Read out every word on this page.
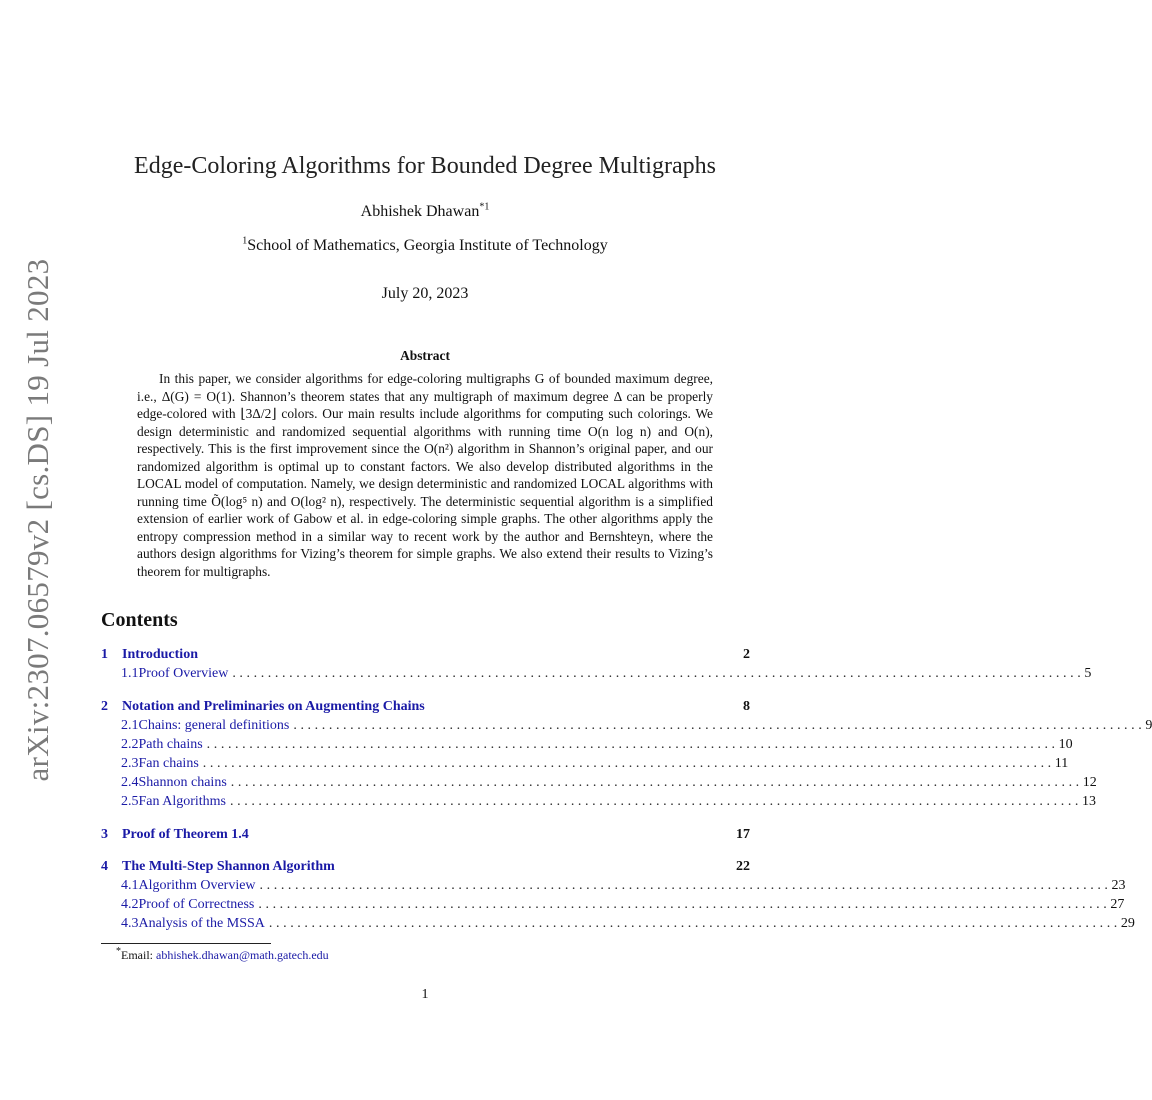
arXiv:2307.06579v2 [cs.DS] 19 Jul 2023
Edge-Coloring Algorithms for Bounded Degree Multigraphs
Abhishek Dhawan$^{*1}$
$^1$School of Mathematics, Georgia Institute of Technology
July 20, 2023
Abstract

In this paper, we consider algorithms for edge-coloring multigraphs G of bounded maximum degree, i.e., Δ(G) = O(1). Shannon’s theorem states that any multigraph of maximum degree Δ can be properly edge-colored with ⌊3Δ/2⌋ colors. Our main results include algorithms for computing such colorings. We design deterministic and randomized sequential algorithms with running time O(n log n) and O(n), respectively. This is the first improvement since the O(n²) algorithm in Shannon’s original paper, and our randomized algorithm is optimal up to constant factors. We also develop distributed algorithms in the LOCAL model of computation. Namely, we design deterministic and randomized LOCAL algorithms with running time Õ(log⁵ n) and O(log² n), respectively. The deterministic sequential algorithm is a simplified extension of earlier work of Gabow et al. in edge-coloring simple graphs. The other algorithms apply the entropy compression method in a similar way to recent work by the author and Bernshteyn, where the authors design algorithms for Vizing’s theorem for simple graphs. We also extend their results to Vizing’s theorem for multigraphs.

Contents
1	Introduction	2
1.1 Proof Overview ........................................................................................................................ 5
2	Notation and Preliminaries on Augmenting Chains	8
2.1 Chains: general definitions ........................................................................................................................ 9
2.2 Path chains ........................................................................................................................ 10
2.3 Fan chains ........................................................................................................................ 11
2.4 Shannon chains ........................................................................................................................ 12
2.5 Fan Algorithms ........................................................................................................................ 13
3	Proof of Theorem 1.4	17
4	The Multi-Step Shannon Algorithm	22
4.1 Algorithm Overview ........................................................................................................................ 23
4.2 Proof of Correctness ........................................................................................................................ 27
4.3 Analysis of the MSSA ........................................................................................................................ 29
*Email: abhishek.dhawan@math.gatech.edu
1
